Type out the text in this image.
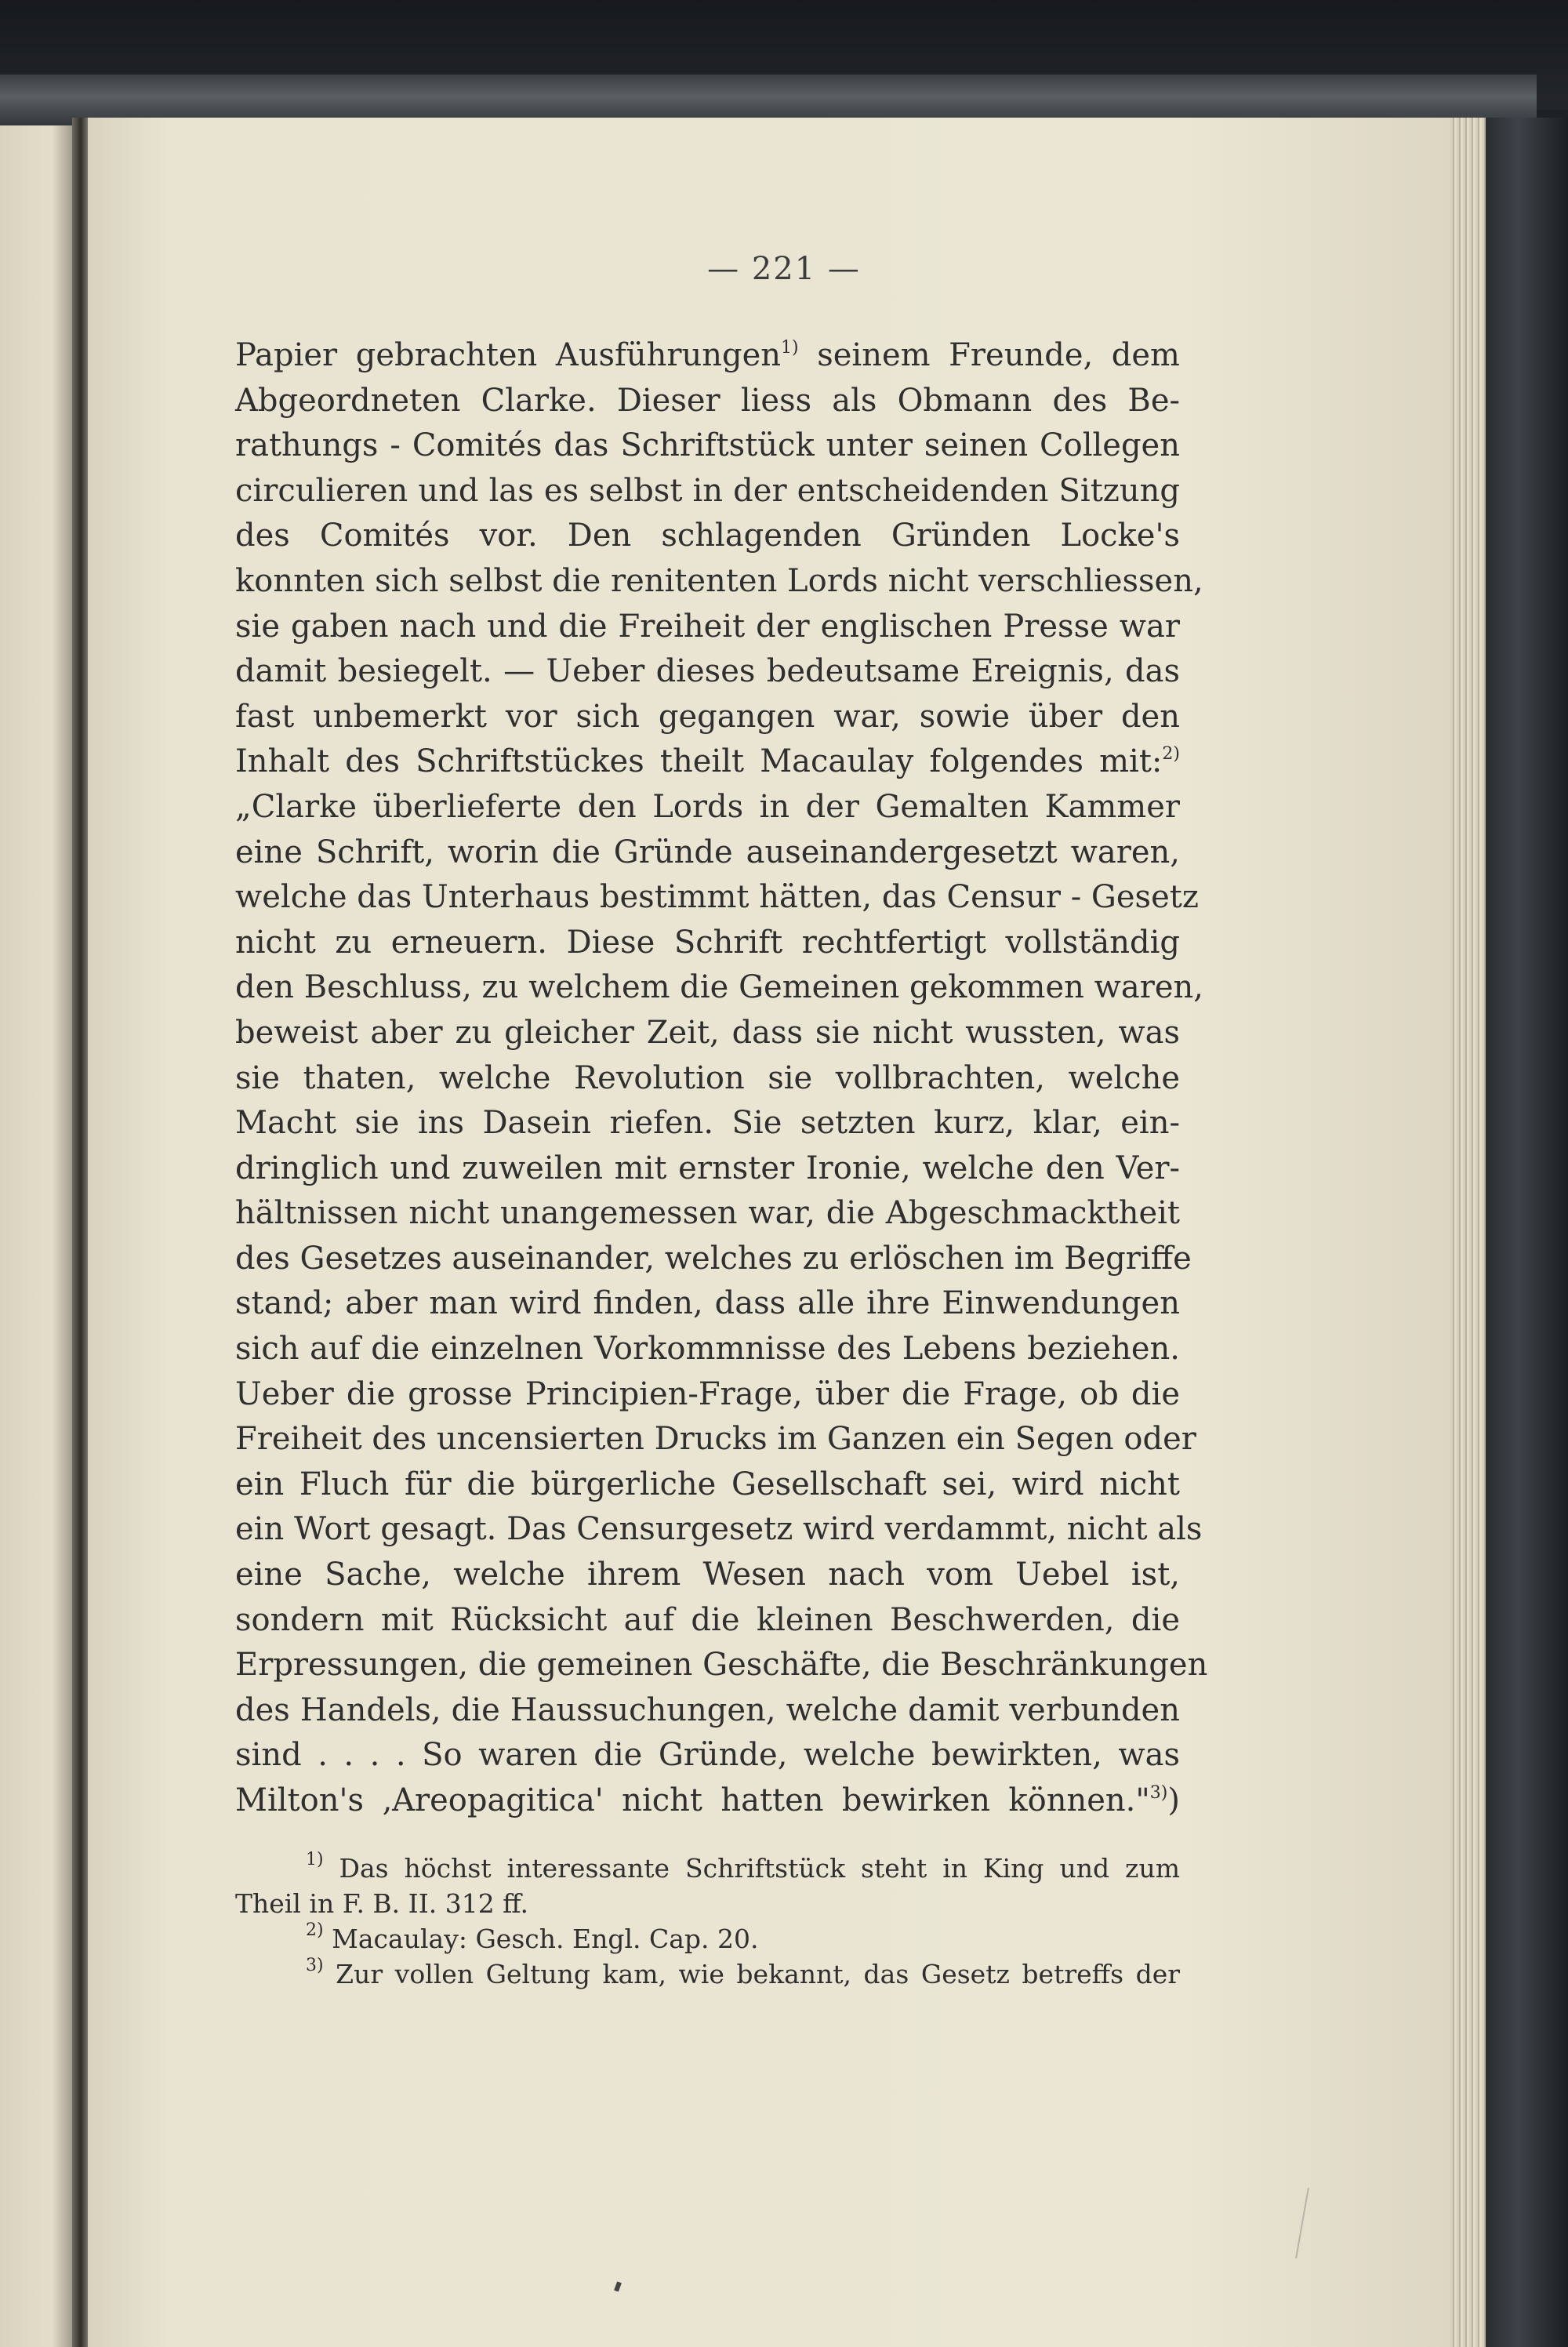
— 221 —
Papier gebrachten Ausführungen$^{1)}$ seinem Freunde, dem
Abgeordneten Clarke. Dieser liess als Obmann des Be-
rathungs - Comités das Schriftstück unter seinen Collegen
circulieren und las es selbst in der entscheidenden Sitzung
des Comités vor. Den schlagenden Gründen Locke's
konnten sich selbst die renitenten Lords nicht verschliessen,
sie gaben nach und die Freiheit der englischen Presse war
damit besiegelt. — Ueber dieses bedeutsame Ereignis, das
fast unbemerkt vor sich gegangen war, sowie über den
Inhalt des Schriftstückes theilt Macaulay folgendes mit:$^{2)}$
„Clarke überlieferte den Lords in der Gemalten Kammer
eine Schrift, worin die Gründe auseinandergesetzt waren,
welche das Unterhaus bestimmt hätten, das Censur - Gesetz
nicht zu erneuern. Diese Schrift rechtfertigt vollständig
den Beschluss, zu welchem die Gemeinen gekommen waren,
beweist aber zu gleicher Zeit, dass sie nicht wussten, was
sie thaten, welche Revolution sie vollbrachten, welche
Macht sie ins Dasein riefen. Sie setzten kurz, klar, ein-
dringlich und zuweilen mit ernster Ironie, welche den Ver-
hältnissen nicht unangemessen war, die Abgeschmacktheit
des Gesetzes auseinander, welches zu erlöschen im Begriffe
stand; aber man wird finden, dass alle ihre Einwendungen
sich auf die einzelnen Vorkommnisse des Lebens beziehen.
Ueber die grosse Principien-Frage, über die Frage, ob die
Freiheit des uncensierten Drucks im Ganzen ein Segen oder
ein Fluch für die bürgerliche Gesellschaft sei, wird nicht
ein Wort gesagt. Das Censurgesetz wird verdammt, nicht als
eine Sache, welche ihrem Wesen nach vom Uebel ist,
sondern mit Rücksicht auf die kleinen Beschwerden, die
Erpressungen, die gemeinen Geschäfte, die Beschränkungen
des Handels, die Haussuchungen, welche damit verbunden
sind . . . . So waren die Gründe, welche bewirkten, was
Milton's ‚Areopagitica' nicht hatten bewirken können."$^{3)}$)
$^{1)}$ Das höchst interessante Schriftstück steht in King und zum
Theil in F. B. II. 312 ff.
$^{2)}$ Macaulay: Gesch. Engl. Cap. 20.
$^{3)}$ Zur vollen Geltung kam, wie bekannt, das Gesetz betreffs der
